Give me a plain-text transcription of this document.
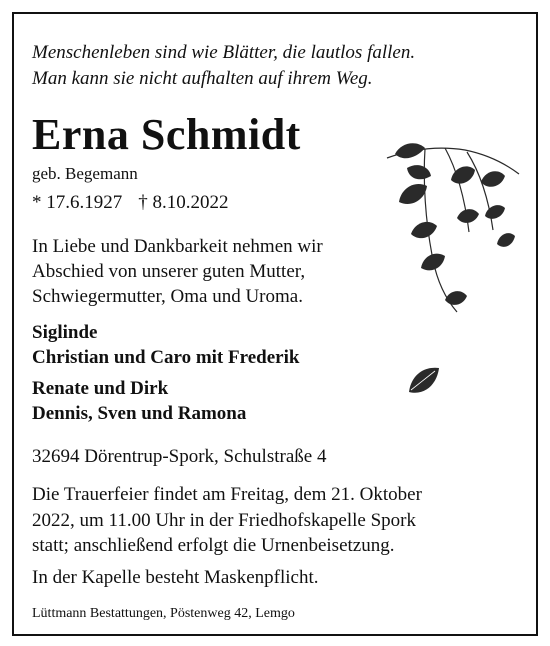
Menschenleben sind wie Blätter, die lautlos fallen.
Man kann sie nicht aufhalten auf ihrem Weg.
Erna Schmidt
geb. Begemann
* 17.6.1927 † 8.10.2022
In Liebe und Dankbarkeit nehmen wir
Abschied von unserer guten Mutter,
Schwiegermutter, Oma und Uroma.
Siglinde
Christian und Caro mit Frederik
Renate und Dirk
Dennis, Sven und Ramona
32694 Dörentrup-Spork, Schulstraße 4
Die Trauerfeier findet am Freitag, dem 21. Oktober
2022, um 11.00 Uhr in der Friedhofskapelle Spork
statt; anschließend erfolgt die Urnenbeisetzung.
In der Kapelle besteht Maskenpflicht.
Lüttmann Bestattungen, Pöstenweg 42, Lemgo
